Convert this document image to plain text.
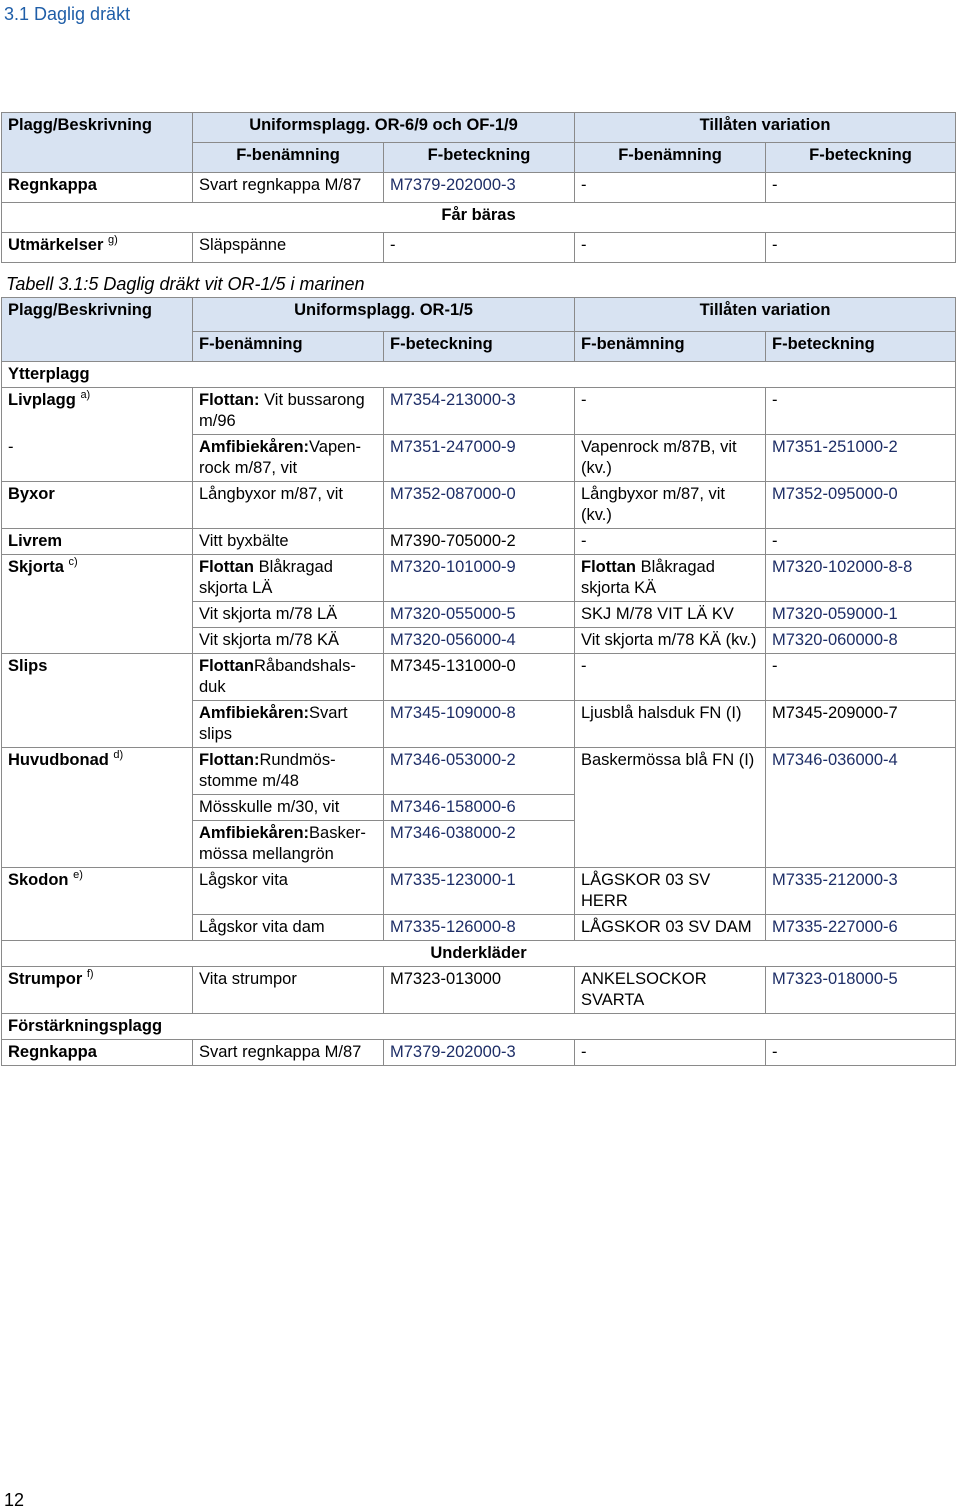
3.1 Daglig dräkt
Plagg/Beskrivning	Uniformsplagg. OR-6/9 och OF-1/9		Tillåten variation	
	F-benämning	F-beteckning	F-benämning	F-beteckning
Regnkappa	Svart regnkappa M/87	M7379-202000-3	-	-
Får bäras				
Utmärkelser $^{g)}$	Släpspänne	-	-	-
Tabell 3.1:5 Daglig dräkt vit OR-1/5 i marinen
Plagg/Beskrivning	Uniformsplagg. OR-1/5		Tillåten variation	
	F-benämning	F-beteckning	F-benämning	F-beteckning
Ytterplagg				
Livplagg $^{a)}$	Flottan: Vit bussarong m/96	M7354-213000-3	-	-
-	Amfibiekåren:Vapen-rock m/87, vit	M7351-247000-9	Vapenrock m/87B, vit (kv.)	M7351-251000-2
Byxor	Långbyxor m/87, vit	M7352-087000-0	Långbyxor m/87, vit (kv.)	M7352-095000-0
Livrem	Vitt byxbälte	M7390-705000-2	-	-
Skjorta $^{c)}$	Flottan Blåkragad skjorta LÄ	M7320-101000-9	Flottan Blåkragad skjorta KÄ	M7320-102000-8-8
	Vit skjorta m/78 LÄ	M7320-055000-5	SKJ M/78 VIT LÄ KV	M7320-059000-1
	Vit skjorta m/78 KÄ	M7320-056000-4	Vit skjorta m/78 KÄ (kv.)	M7320-060000-8
Slips	FlottanRåbandshals-duk	M7345-131000-0	-	-
	Amfibiekåren:Svart slips	M7345-109000-8	Ljusblå halsduk FN (I)	M7345-209000-7
Huvudbonad $^{d)}$	Flottan:Rundmös-stomme m/48	M7346-053000-2	Baskermössa blå FN (I)	M7346-036000-4
	Mösskulle m/30, vit	M7346-158000-6		
	Amfibiekåren:Basker-mössa mellangrön	M7346-038000-2		
Skodon $^{e)}$	Lågskor vita	M7335-123000-1	LÅGSKOR 03 SV HERR	M7335-212000-3
	Lågskor vita dam	M7335-126000-8	LÅGSKOR 03 SV DAM	M7335-227000-6
Underkläder				
Strumpor $^{f)}$	Vita strumpor	M7323-013000	ANKELSOCKOR SVARTA	M7323-018000-5
Förstärkningsplagg				
Regnkappa	Svart regnkappa M/87	M7379-202000-3	-	-
12
